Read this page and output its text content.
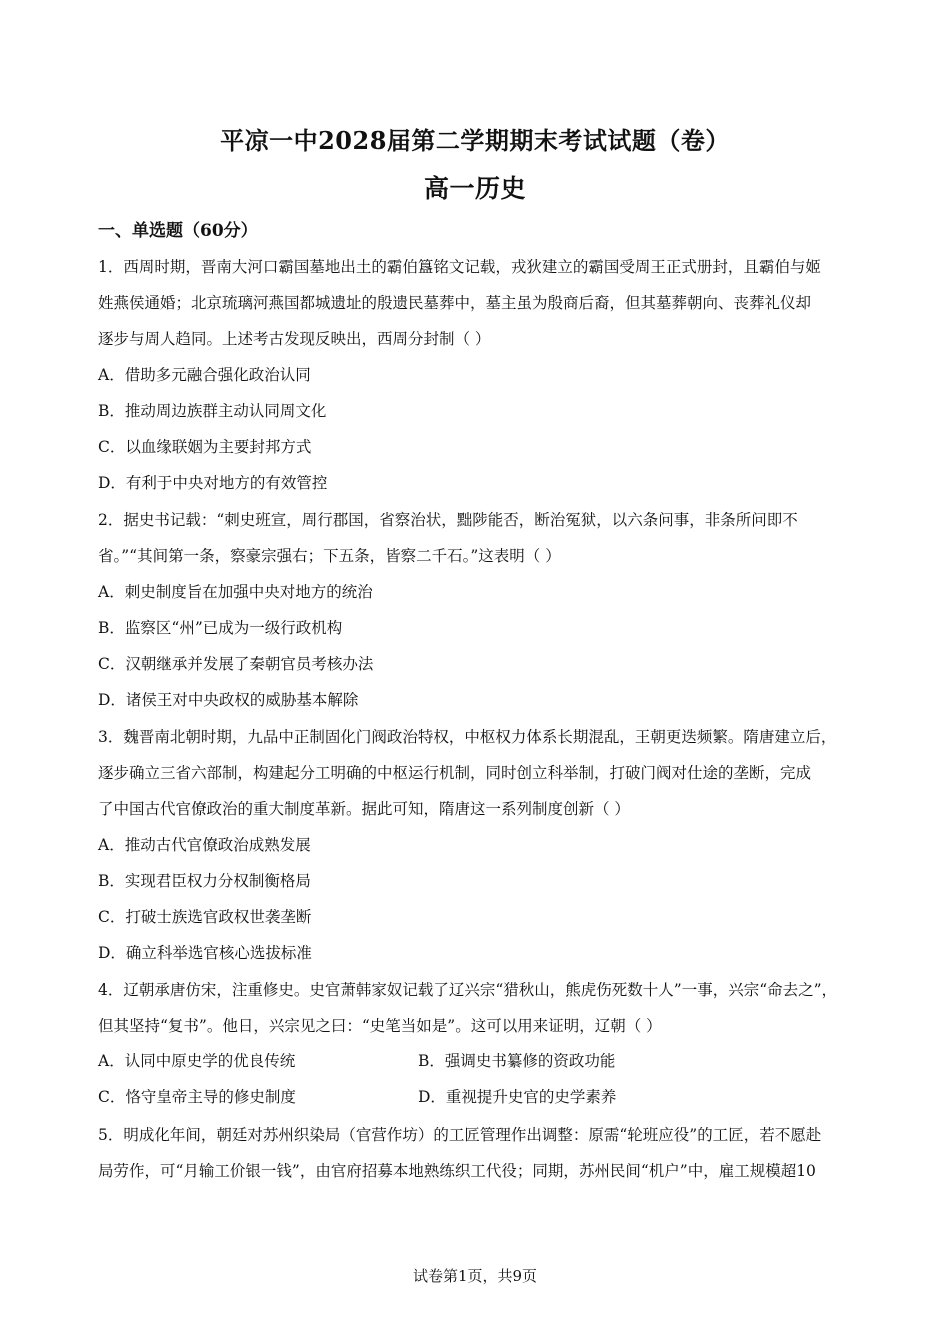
平凉一中2028届第二学期期末考试试题（卷）
高一历史
一、单选题（60分）
1．西周时期，晋南大河口霸国墓地出土的霸伯簋铭文记载，戎狄建立的霸国受周王正式册封，且霸伯与姬
姓燕侯通婚；北京琉璃河燕国都城遗址的殷遗民墓葬中，墓主虽为殷商后裔，但其墓葬朝向、丧葬礼仪却
逐步与周人趋同。上述考古发现反映出，西周分封制（ ）
A．借助多元融合强化政治认同
B．推动周边族群主动认同周文化
C．以血缘联姻为主要封邦方式
D．有利于中央对地方的有效管控
2．据史书记载：“刺史班宣，周行郡国，省察治状，黜陟能否，断治冤狱，以六条问事，非条所问即不
省。”“其间第一条，察豪宗强右；下五条，皆察二千石。”这表明（ ）
A．刺史制度旨在加强中央对地方的统治
B．监察区“州”已成为一级行政机构
C．汉朝继承并发展了秦朝官员考核办法
D．诸侯王对中央政权的威胁基本解除
3．魏晋南北朝时期，九品中正制固化门阀政治特权，中枢权力体系长期混乱，王朝更迭频繁。隋唐建立后，
逐步确立三省六部制，构建起分工明确的中枢运行机制，同时创立科举制，打破门阀对仕途的垄断，完成
了中国古代官僚政治的重大制度革新。据此可知，隋唐这一系列制度创新（ ）
A．推动古代官僚政治成熟发展
B．实现君臣权力分权制衡格局
C．打破士族选官政权世袭垄断
D．确立科举选官核心选拔标准
4．辽朝承唐仿宋，注重修史。史官萧韩家奴记载了辽兴宗“猎秋山，熊虎伤死数十人”一事，兴宗“命去之”，
但其坚持“复书”。他日，兴宗见之曰：“史笔当如是”。这可以用来证明，辽朝（ ）
A．认同中原史学的优良传统	B．强调史书纂修的资政功能
C．恪守皇帝主导的修史制度	D．重视提升史官的史学素养
5．明成化年间，朝廷对苏州织染局（官营作坊）的工匠管理作出调整：原需“轮班应役”的工匠，若不愿赴
局劳作，可“月输工价银一钱”，由官府招募本地熟练织工代役；同期，苏州民间“机户”中，雇工规模超10
试卷第1页，共9页
